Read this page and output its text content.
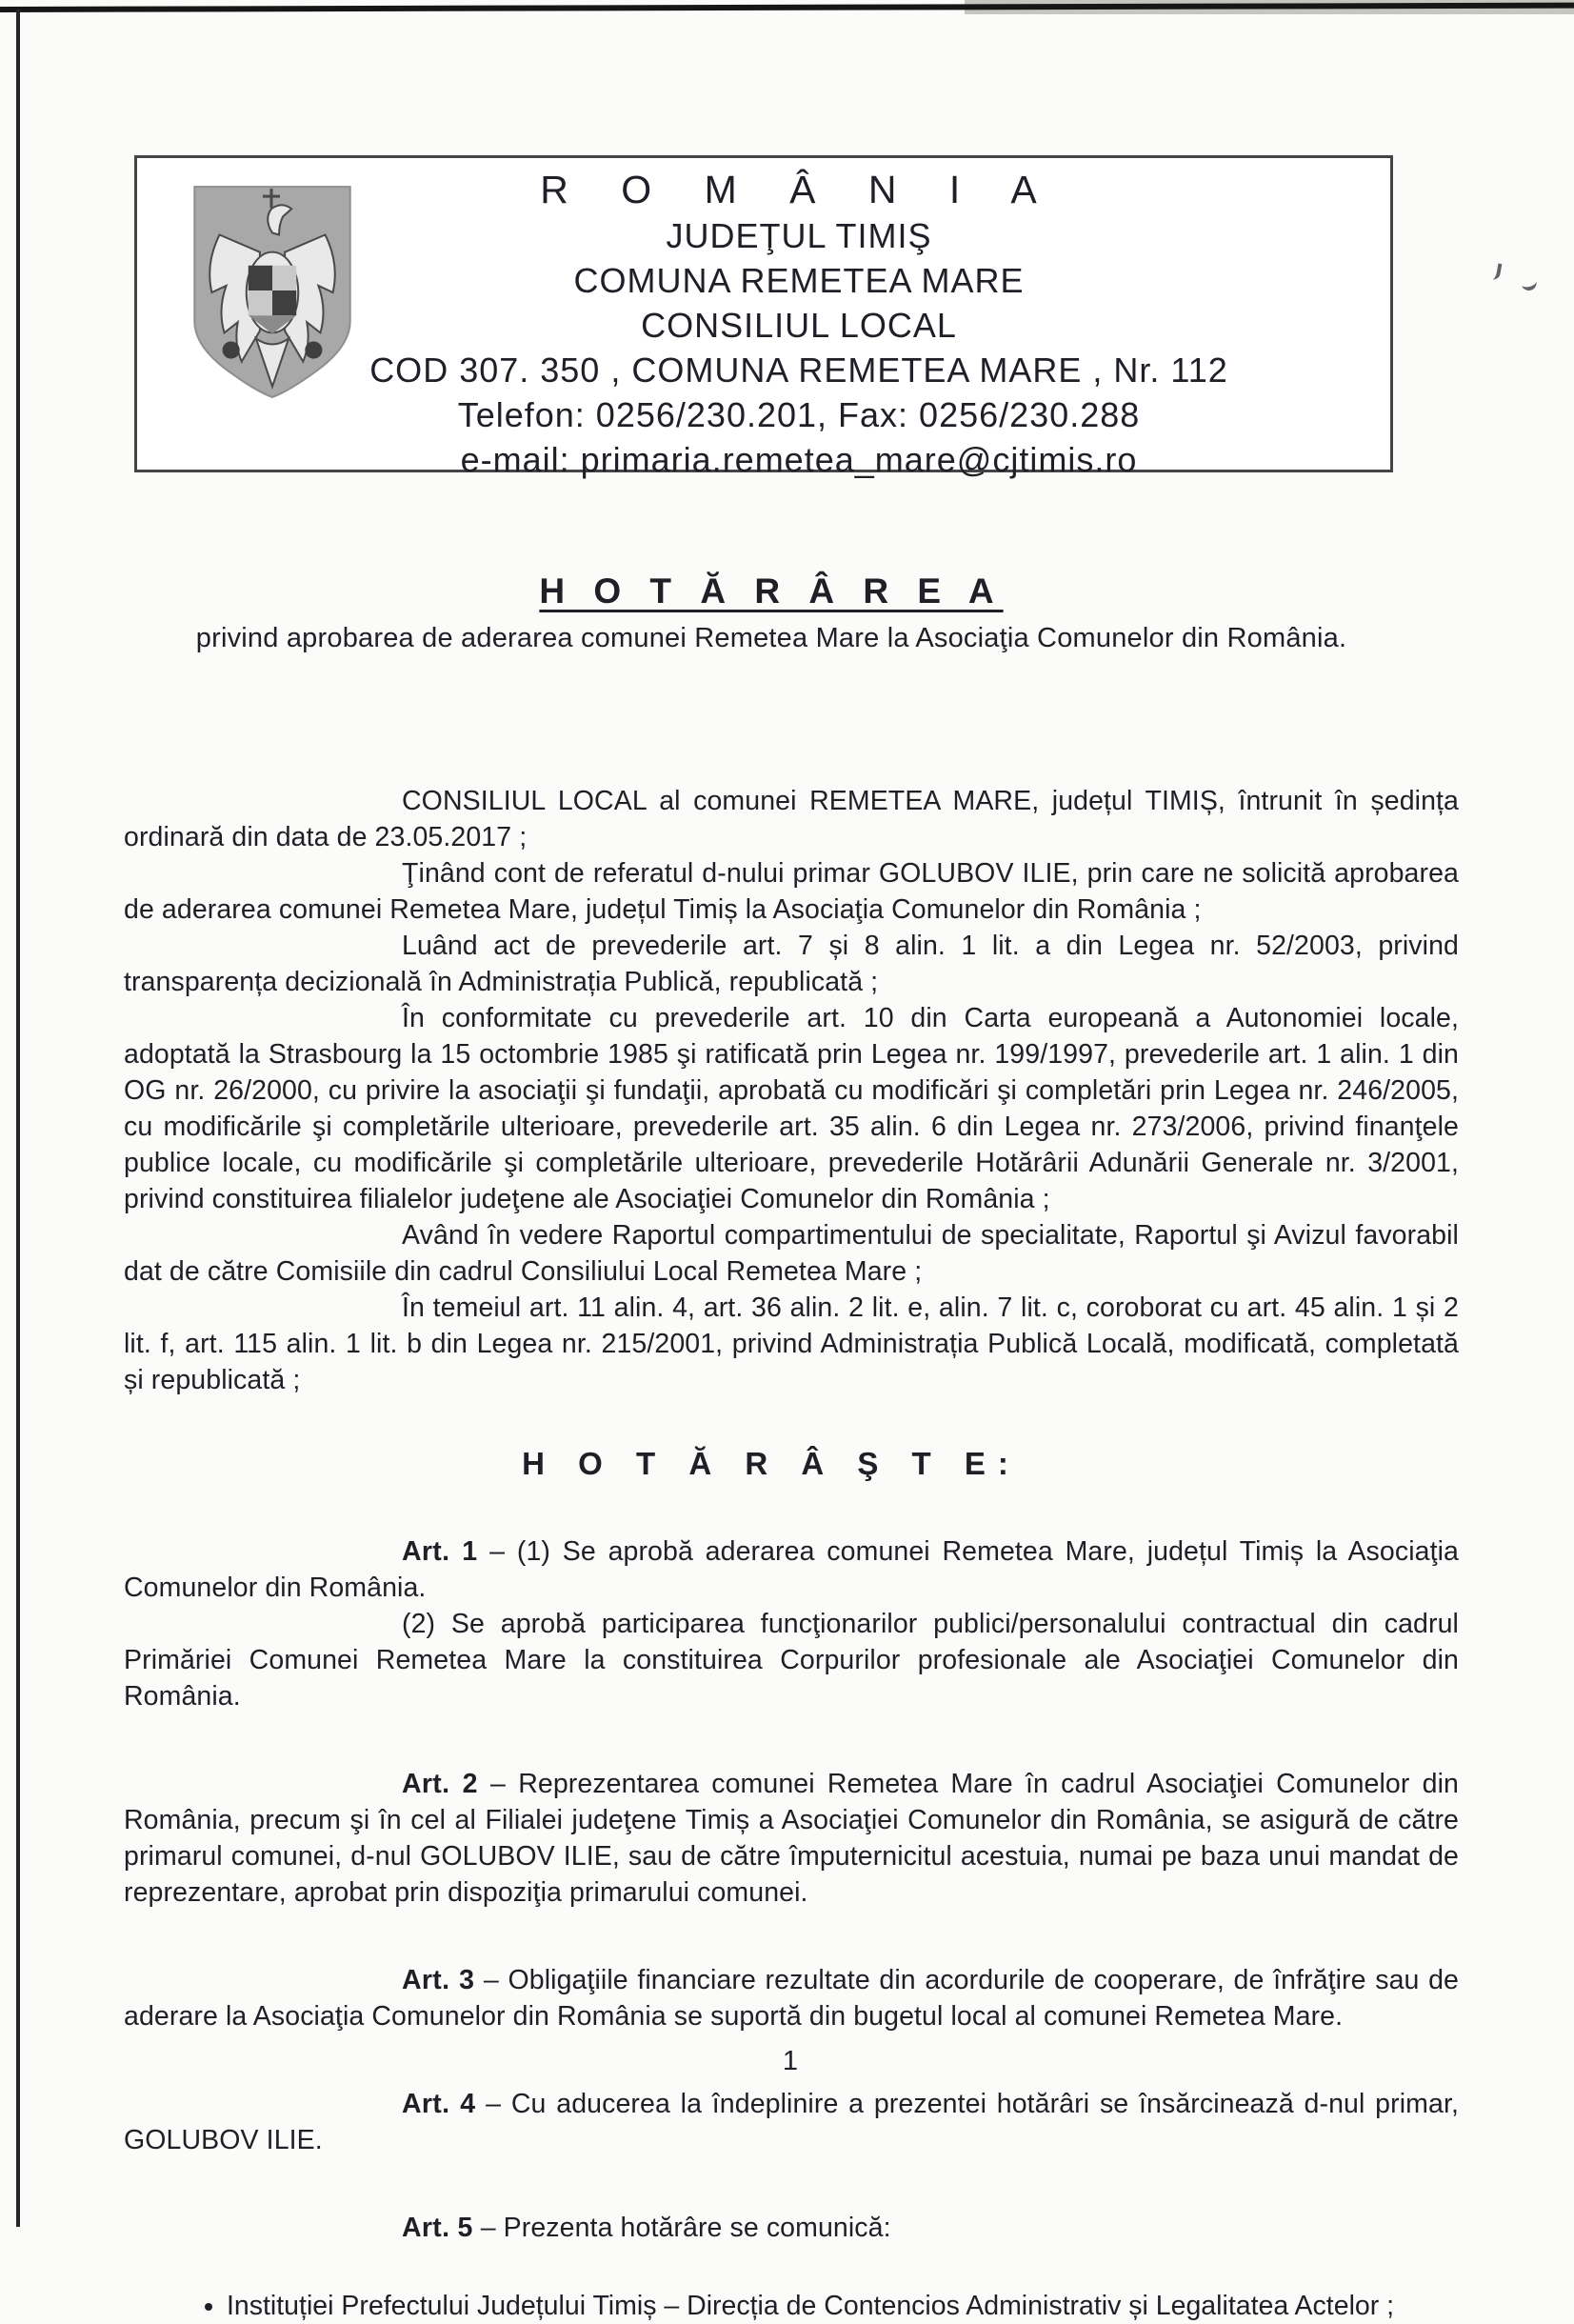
R O M Â N I A
JUDEŢUL TIMIŞ
COMUNA REMETEA MARE
CONSILIUL LOCAL
COD 307. 350 , COMUNA REMETEA MARE , Nr. 112
Telefon: 0256/230.201, Fax: 0256/230.288
e-mail: primaria.remetea_mare@cjtimis.ro
H O T Ă R Â R E A
privind aprobarea de aderarea comunei Remetea Mare la Asociaţia Comunelor din România.

CONSILIUL LOCAL al comunei REMETEA MARE, județul TIMIȘ, întrunit în ședința ordinară din data de 23.05.2017 ;

Ţinând cont de referatul d-nului primar GOLUBOV ILIE, prin care ne solicită aprobarea de aderarea comunei Remetea Mare, județul Timiș la Asociaţia Comunelor din România ;

Luând act de prevederile art. 7 și 8 alin. 1 lit. a din Legea nr. 52/2003, privind transparența decizională în Administrația Publică, republicată ;

În conformitate cu prevederile art. 10 din Carta europeană a Autonomiei locale, adoptată la Strasbourg la 15 octombrie 1985 şi ratificată prin Legea nr. 199/1997, prevederile art. 1 alin. 1 din OG nr. 26/2000, cu privire la asociaţii şi fundaţii, aprobată cu modificări şi completări prin Legea nr. 246/2005, cu modificările şi completările ulterioare, prevederile art. 35 alin. 6 din Legea nr. 273/2006, privind finanţele publice locale, cu modificările şi completările ulterioare, prevederile Hotărârii Adunării Generale nr. 3/2001, privind constituirea filialelor judeţene ale Asociaţiei Comunelor din România ;

Având în vedere Raportul compartimentului de specialitate, Raportul şi Avizul favorabil dat de către Comisiile din cadrul Consiliului Local Remetea Mare ;

În temeiul art. 11 alin. 4, art. 36 alin. 2 lit. e, alin. 7 lit. c, coroborat cu art. 45 alin. 1 și 2 lit. f, art. 115 alin. 1 lit. b din Legea nr. 215/2001, privind Administrația Publică Locală, modificată, completată și republicată ;

H O T Ă R Â Ş T E:

Art. 1 – (1) Se aprobă aderarea comunei Remetea Mare, județul Timiș la Asociaţia Comunelor din România.

(2) Se aprobă participarea funcţionarilor publici/personalului contractual din cadrul Primăriei Comunei Remetea Mare la constituirea Corpurilor profesionale ale Asociaţiei Comunelor din România.

Art. 2 – Reprezentarea comunei Remetea Mare în cadrul Asociaţiei Comunelor din România, precum şi în cel al Filialei judeţene Timiș a Asociaţiei Comunelor din România, se asigură de către primarul comunei, d-nul GOLUBOV ILIE, sau de către împuternicitul acestuia, numai pe baza unui mandat de reprezentare, aprobat prin dispoziţia primarului comunei.

Art. 3 – Obligaţiile financiare rezultate din acordurile de cooperare, de înfrăţire sau de aderare la Asociaţia Comunelor din România se suportă din bugetul local al comunei Remetea Mare.

Art. 4 – Cu aducerea la îndeplinire a prezentei hotărâri se însărcinează d-nul primar, GOLUBOV ILIE.

Art. 5 – Prezenta hotărâre se comunică:

• Instituției Prefectului Județului Timiș – Direcția de Contencios Administrativ și Legalitatea Actelor ;
1
